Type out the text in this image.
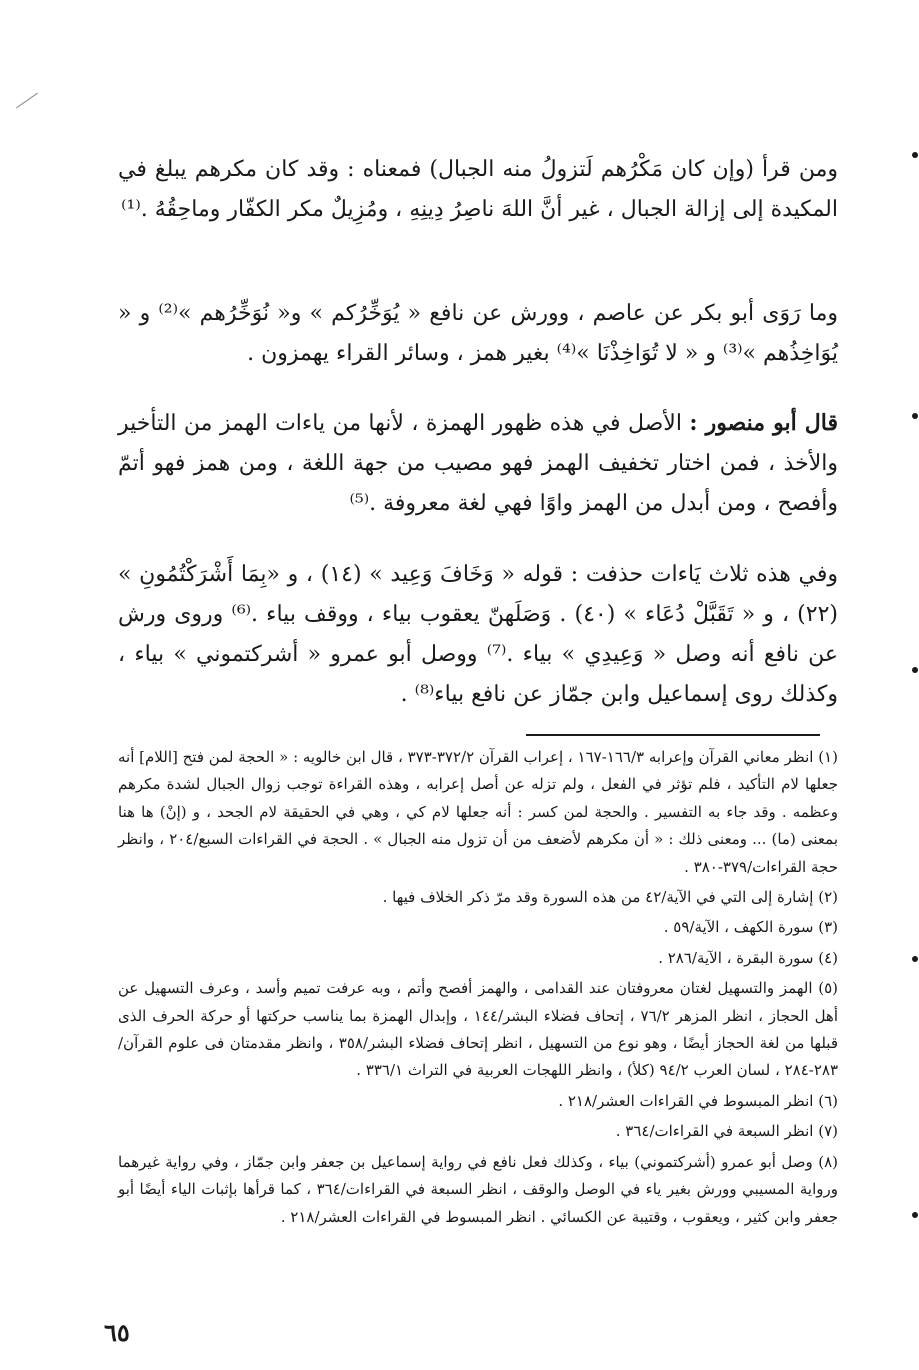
ومن قرأ (وإن كان مَكْرُهم لَتزولُ منه الجبال) فمعناه : وقد كان مكرهم يبلغ في المكيدة إلى إزالة الجبال ، غير أنَّ اللهَ ناصِرُ دِينِهِ ، ومُزِيلٌ مكر الكفّار وماحِقُهُ .⁽¹⁾

وما رَوَى أبو بكر عن عاصم ، وورش عن نافع « يُوَخِّرُكم » و« نُوَخِّرُهم »⁽²⁾ و « يُوَاخِذُهم »⁽³⁾ و « لا تُوَاخِذْنَا »⁽⁴⁾ بغير همز ، وسائر القراء يهمزون .

قال أبو منصور : الأصل في هذه ظهور الهمزة ، لأنها من ياءات الهمز من التأخير والأخذ ، فمن اختار تخفيف الهمز فهو مصيب من جهة اللغة ، ومن همز فهو أتمّ وأفصح ، ومن أبدل من الهمز واوًا فهي لغة معروفة .⁽⁵⁾

وفي هذه ثلاث يَاءات حذفت : قوله « وَخَافَ وَعِيد » (١٤) ، و «بِمَا أَشْرَكْتُمُونِ » (٢٢) ، و « تَقَبَّلْ دُعَاء » (٤٠) . وَصَلَهنّ يعقوب بياء ، ووقف بياء .⁽⁶⁾ وروى ورش عن نافع أنه وصل « وَعِيدِي » بياء .⁽⁷⁾ ووصل أبو عمرو « أشركتموني » بياء ، وكذلك روى إسماعيل وابن جمّاز عن نافع بياء⁽⁸⁾ .

(١) انظر معاني القرآن وإعرابه ١٦٦/٣-١٦٧ ، إعراب القرآن ٣٧٢/٢-٣٧٣ ، قال ابن خالويه : « الحجة لمن فتح [اللام] أنه جعلها لام التأكيد ، فلم تؤثر في الفعل ، ولم تزله عن أصل إعرابه ، وهذه القراءة توجب زوال الجبال لشدة مكرهم وعظمه . وقد جاء به التفسير . والحجة لمن كسر : أنه جعلها لام كي ، وهي في الحقيقة لام الجحد ، و (إنْ) ها هنا بمعنى (ما) ... ومعنى ذلك : « أن مكرهم لأضعف من أن تزول منه الجبال » . الحجة في القراءات السبع/٢٠٤ ، وانظر حجة القراءات/٣٧٩-٣٨٠ .

(٢) إشارة إلى التي في الآية/٤٢ من هذه السورة وقد مرّ ذكر الخلاف فيها .

(٣) سورة الكهف ، الآية/٥٩ .

(٤) سورة البقرة ، الآية/٢٨٦ .

(٥) الهمز والتسهيل لغتان معروفتان عند القدامى ، والهمز أفصح وأتم ، وبه عرفت تميم وأسد ، وعرف التسهيل عن أهل الحجاز ، انظر المزهر ٧٦/٢ ، إتحاف فضلاء البشر/١٤٤ ، وإبدال الهمزة بما يناسب حركتها أو حركة الحرف الذى قبلها من لغة الحجاز أيضًا ، وهو نوع من التسهيل ، انظر إتحاف فضلاء البشر/٣٥٨ ، وانظر مقدمتان فى علوم القرآن/٢٨٣-٢٨٤ ، لسان العرب ٩٤/٢ (كلأ) ، وانظر اللهجات العربية في التراث ٣٣٦/١ .

(٦) انظر المبسوط في القراءات العشر/٢١٨ .

(٧) انظر السبعة في القراءات/٣٦٤ .

(٨) وصل أبو عمرو (أشركتموني) بياء ، وكذلك فعل نافع في رواية إسماعيل بن جعفر وابن جمّاز ، وفي رواية غيرهما ورواية المسيبي وورش بغير ياء في الوصل والوقف ، انظر السبعة في القراءات/٣٦٤ ، كما قرأها بإثبات الياء أيضًا أبو جعفر وابن كثير ، ويعقوب ، وقتيبة عن الكسائي . انظر المبسوط في القراءات العشر/٢١٨ .

٦٥
